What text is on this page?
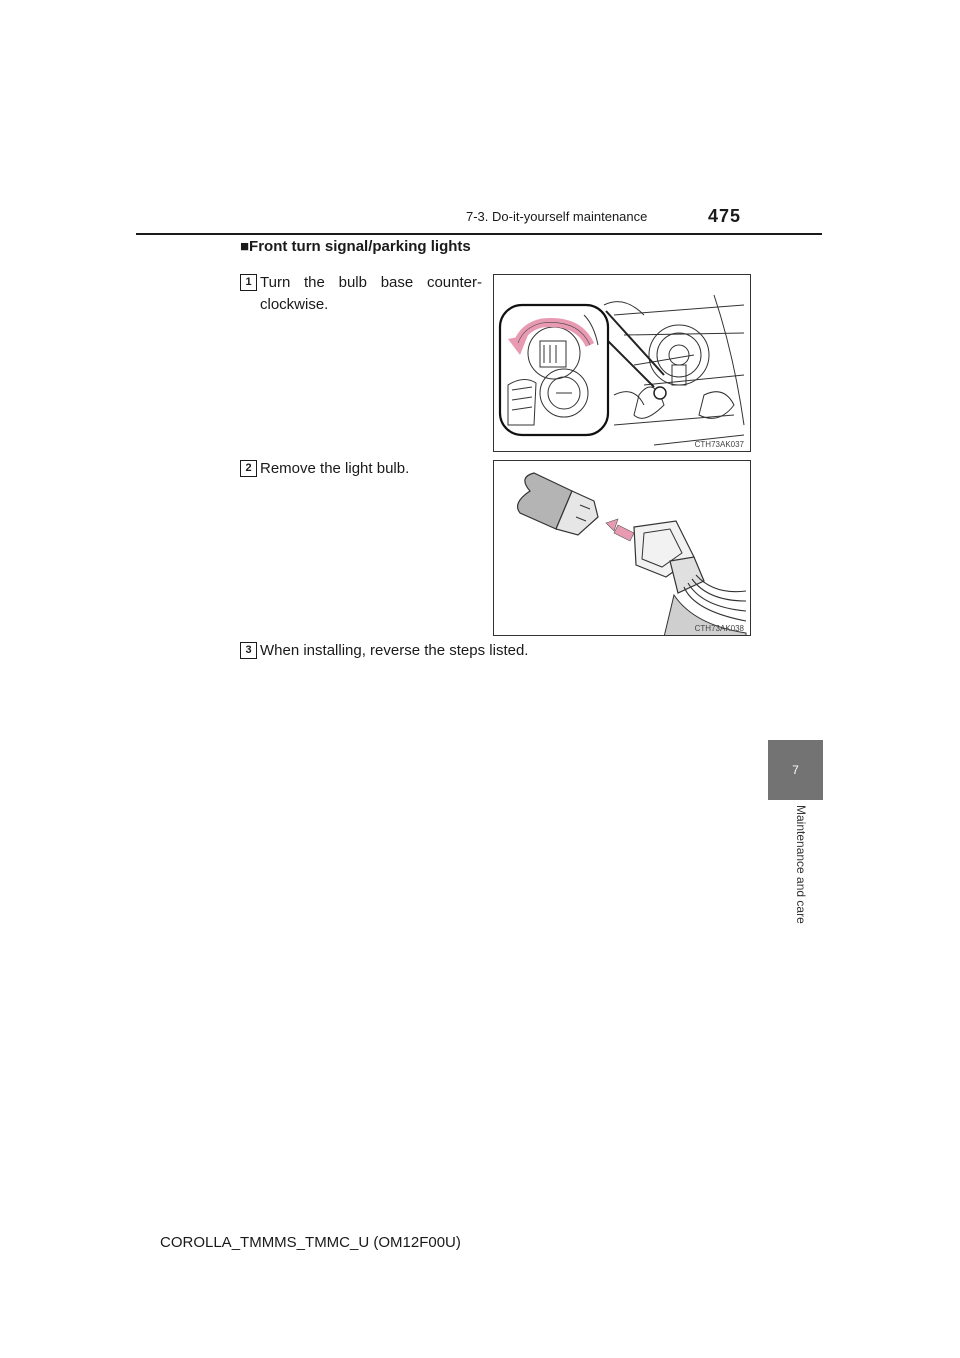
7-3. Do-it-yourself maintenance	475
■Front turn signal/parking lights
1 Turn the bulb base counter-clockwise.
CTH73AK037
2 Remove the light bulb.
CTH73AK038
3 When installing, reverse the steps listed.
7
Maintenance and care
COROLLA_TMMMS_TMMC_U (OM12F00U)
